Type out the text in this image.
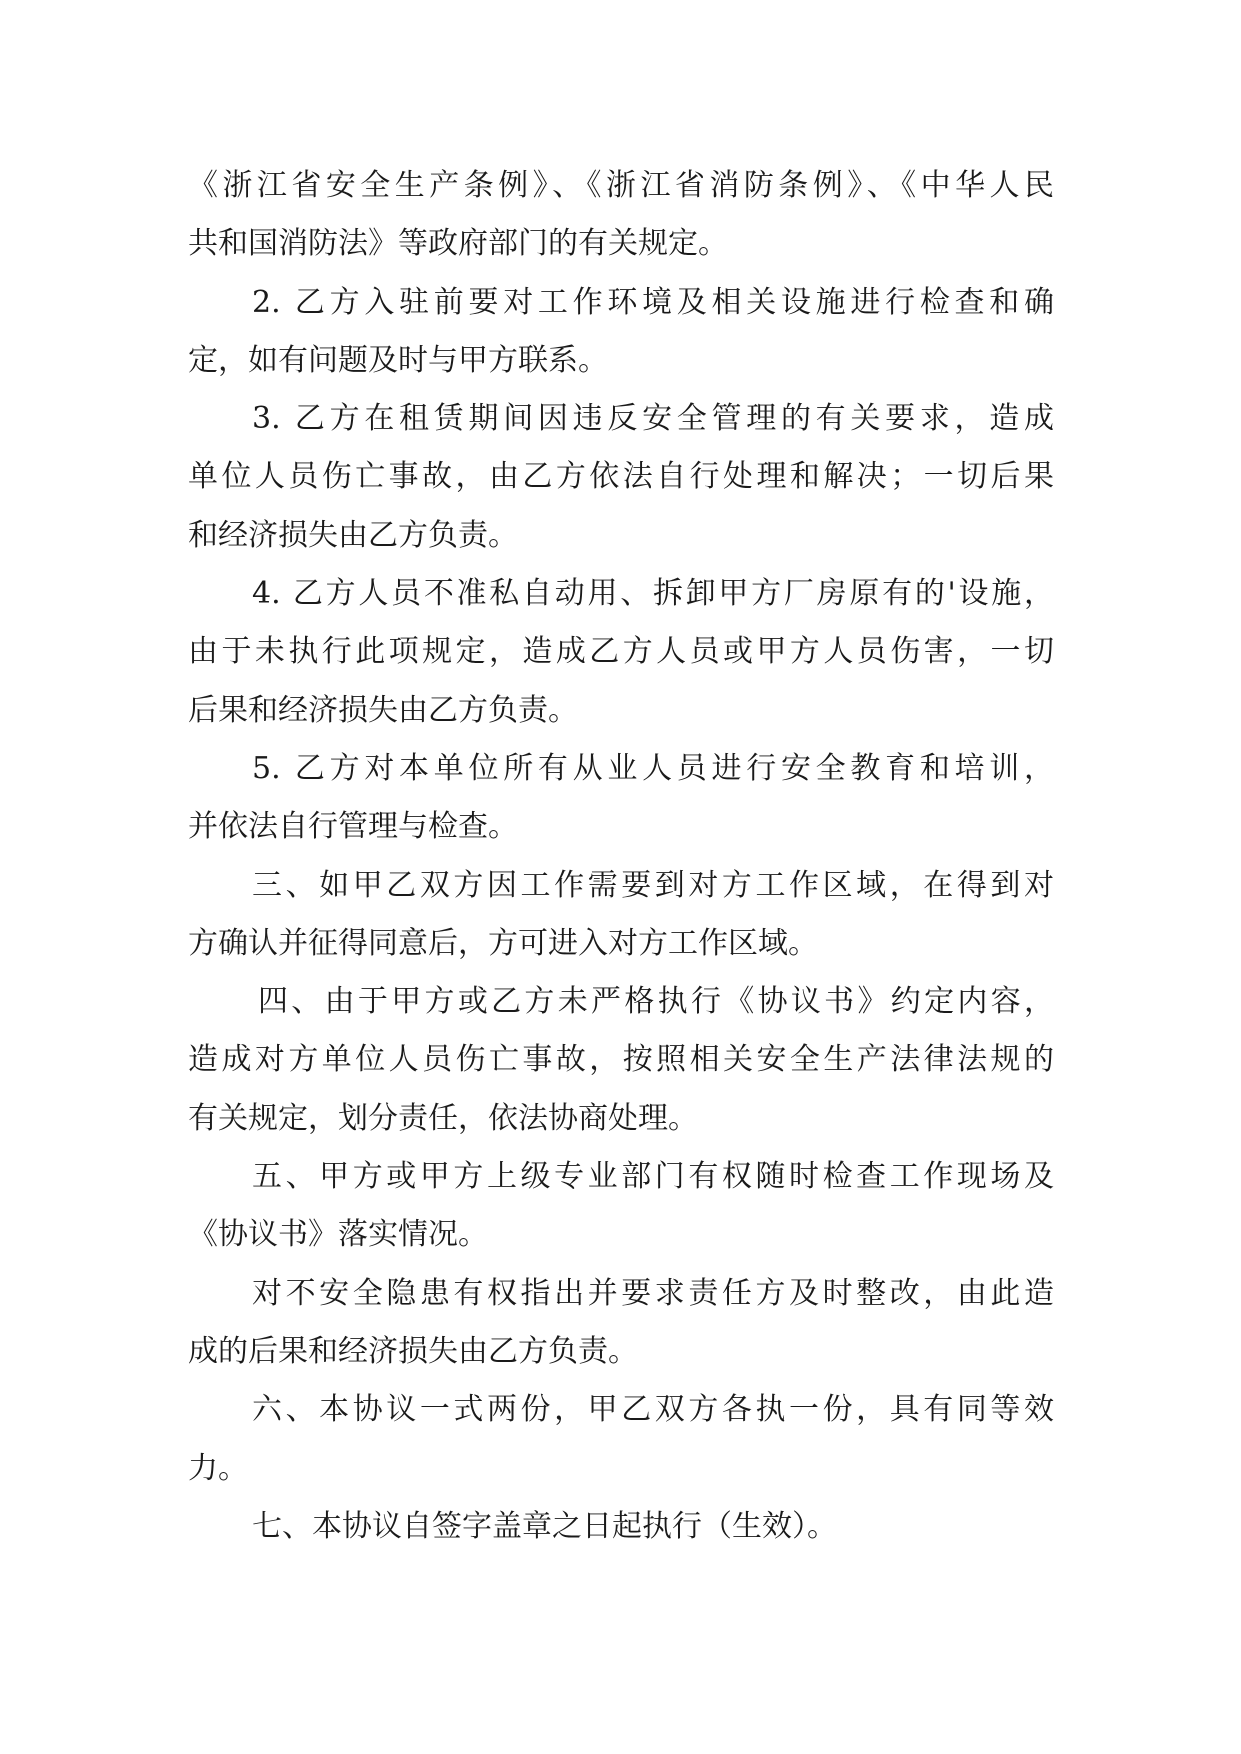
《浙江省安全生产条例》、《浙江省消防条例》、《中华人民
共和国消防法》等政府部门的有关规定。
2. 乙方入驻前要对工作环境及相关设施进行检查和确
定，如有问题及时与甲方联系。
3. 乙方在租赁期间因违反安全管理的有关要求，造成
单位人员伤亡事故，由乙方依法自行处理和解决；一切后果
和经济损失由乙方负责。
4. 乙方人员不准私自动用、拆卸甲方厂房原有的'设施，
由于未执行此项规定，造成乙方人员或甲方人员伤害，一切
后果和经济损失由乙方负责。
5. 乙方对本单位所有从业人员进行安全教育和培训，
并依法自行管理与检查。
三、如甲乙双方因工作需要到对方工作区域，在得到对
方确认并征得同意后，方可进入对方工作区域。
四、由于甲方或乙方未严格执行《协议书》约定内容，
造成对方单位人员伤亡事故，按照相关安全生产法律法规的
有关规定，划分责任，依法协商处理。
五、甲方或甲方上级专业部门有权随时检查工作现场及
《协议书》落实情况。
对不安全隐患有权指出并要求责任方及时整改，由此造
成的后果和经济损失由乙方负责。
六、本协议一式两份，甲乙双方各执一份，具有同等效
力。
七、本协议自签字盖章之日起执行（生效）。
